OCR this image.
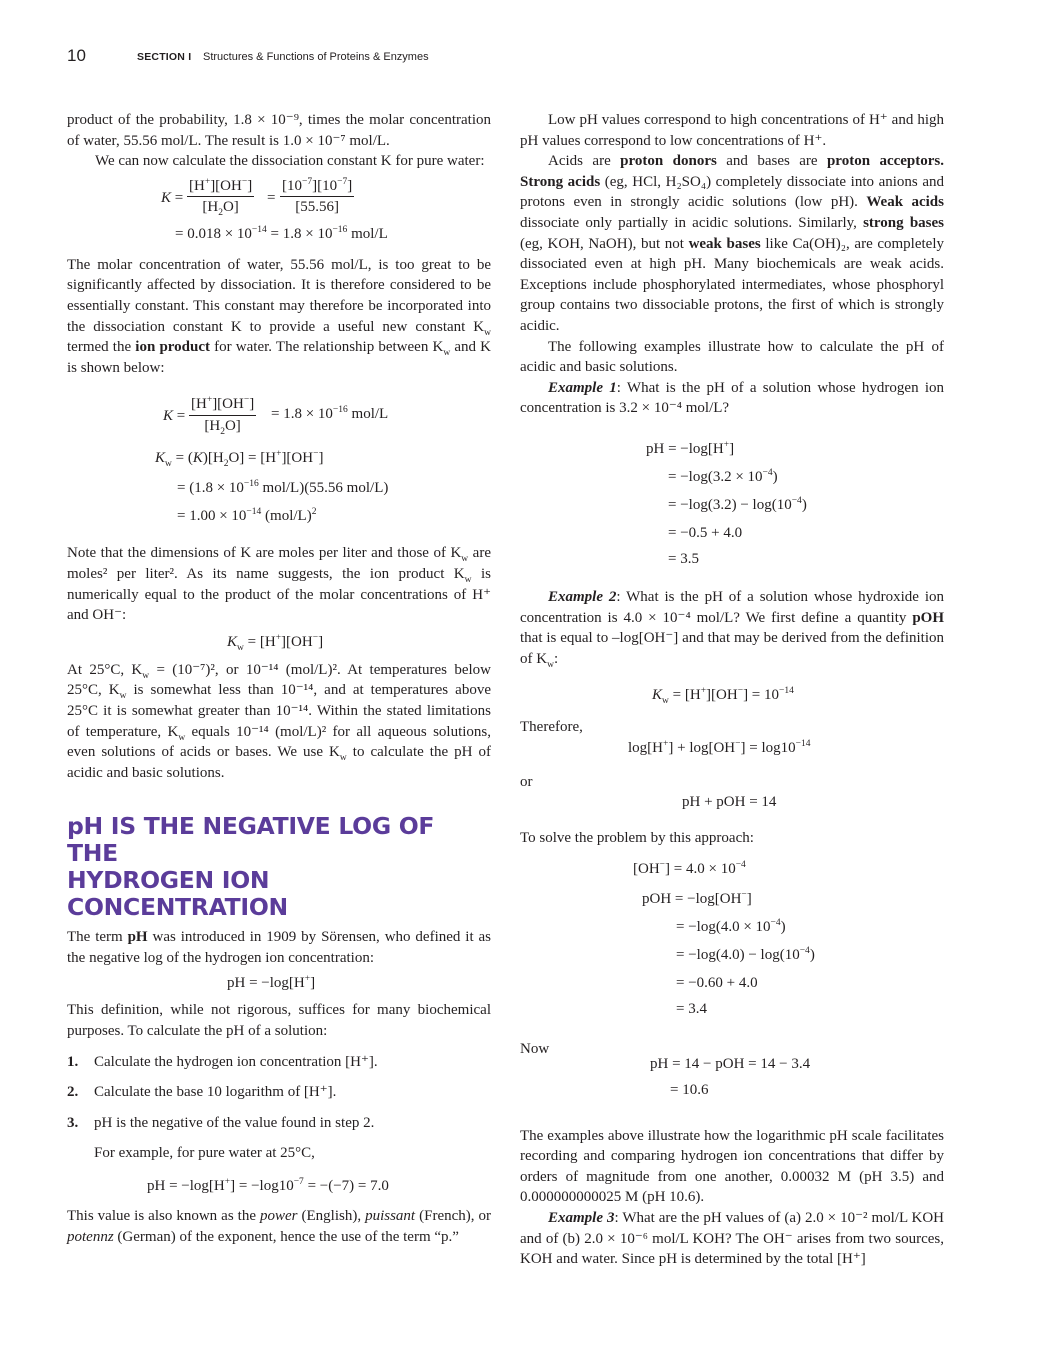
10	SECTION I Structures & Functions of Proteins & Enzymes

product of the probability, 1.8 × 10⁻⁹, times the molar concentration of water, 55.56 mol/L. The result is 1.0 × 10⁻⁷ mol/L.

We can now calculate the dissociation constant K for pure water:

$K = \frac{[H^+][OH^-]}{[H_2O]} = \frac{[10^{-7}][10^{-7}]}{[55.56]}$
= $0.018 \times 10^{-14} = 1.8 \times 10^{-16}$ mol/L

The molar concentration of water, 55.56 mol/L, is too great to be significantly affected by dissociation. It is therefore considered to be essentially constant. This constant may therefore be incorporated into the dissociation constant K to provide a useful new constant $K_w$ termed the ion product for water. The relationship between $K_w$ and K is shown below:

$K = \frac{[H^+][OH^-]}{[H_2O]} = 1.8 \times 10^{-16}$ mol/L
$K_w = (K)[H_2O] = [H^+][OH^-]$
= ($1.8 \times 10^{-16}$ mol/L)(55.56 mol/L)
= $1.00 \times 10^{-14}$ $(mol/L)^2$

Note that the dimensions of K are moles per liter and those of $K_w$ are moles² per liter². As its name suggests, the ion product $K_w$ is numerically equal to the product of the molar concentrations of H⁺ and OH⁻:

$K_w = [H^+][OH^-]$

At 25°C, $K_w = (10^{-7})^2$, or 10⁻¹⁴ (mol/L)². At temperatures below 25°C, $K_w$ is somewhat less than 10⁻¹⁴, and at temperatures above 25°C it is somewhat greater than 10⁻¹⁴. Within the stated limitations of temperature, $K_w$ equals 10⁻¹⁴ (mol/L)² for all aqueous solutions, even solutions of acids or bases. We use $K_w$ to calculate the pH of acidic and basic solutions.

pH IS THE NEGATIVE LOG OF THE
HYDROGEN ION CONCENTRATION

The term pH was introduced in 1909 by Sörensen, who defined it as the negative log of the hydrogen ion concentration:

pH = −log[H+]

This definition, while not rigorous, suffices for many biochemical purposes. To calculate the pH of a solution:

1. Calculate the hydrogen ion concentration [H⁺].
2. Calculate the base 10 logarithm of [H⁺].
3. pH is the negative of the value found in step 2.

For example, for pure water at 25°C,

pH = $-\log[H^+] = -\log 10^{-7} = -(-7) = 7.0$

This value is also known as the power (English), puissant (French), or potennz (German) of the exponent, hence the use of the term “p.”

Low pH values correspond to high concentrations of H⁺ and high pH values correspond to low concentrations of H⁺.

Acids are proton donors and bases are proton acceptors. Strong acids (eg, HCl, H₂SO₄) completely dissociate into anions and protons even in strongly acidic solutions (low pH). Weak acids dissociate only partially in acidic solutions. Similarly, strong bases (eg, KOH, NaOH), but not weak bases like Ca(OH)₂, are completely dissociated even at high pH. Many biochemicals are weak acids. Exceptions include phosphorylated intermediates, whose phosphoryl group contains two dissociable protons, the first of which is strongly acidic.

The following examples illustrate how to calculate the pH of acidic and basic solutions.

Example 1: What is the pH of a solution whose hydrogen ion concentration is 3.2 × 10⁻⁴ mol/L?

pH = −log[H+]
= $-\log(3.2 \times 10^{-4})$
= $-\log(3.2) - \log(10^{-4})$
= −0.5 + 4.0
= 3.5

Example 2: What is the pH of a solution whose hydroxide ion concentration is 4.0 × 10⁻⁴ mol/L? We first define a quantity pOH that is equal to –log[OH⁻] and that may be derived from the definition of $K_w$:

$K_w = [H^+][OH^-] = 10^{-14}$

Therefore,

$\log[H^+] + \log[OH^-] = \log 10^{-14}$

or

pH + pOH = 14

To solve the problem by this approach:

$[OH^-] = 4.0 \times 10^{-4}$
pOH = −log[OH−]
= $-\log(4.0 \times 10^{-4})$
= $-\log(4.0) - \log(10^{-4})$
= −0.60 + 4.0
= 3.4

Now

pH = 14 − pOH = 14 − 3.4
= 10.6

The examples above illustrate how the logarithmic pH scale facilitates recording and comparing hydrogen ion concentrations that differ by orders of magnitude from one another, 0.00032 M (pH 3.5) and 0.000000000025 M (pH 10.6).

Example 3: What are the pH values of (a) 2.0 × 10⁻² mol/L KOH and of (b) 2.0 × 10⁻⁶ mol/L KOH? The OH⁻ arises from two sources, KOH and water. Since pH is determined by the total [H⁺]
